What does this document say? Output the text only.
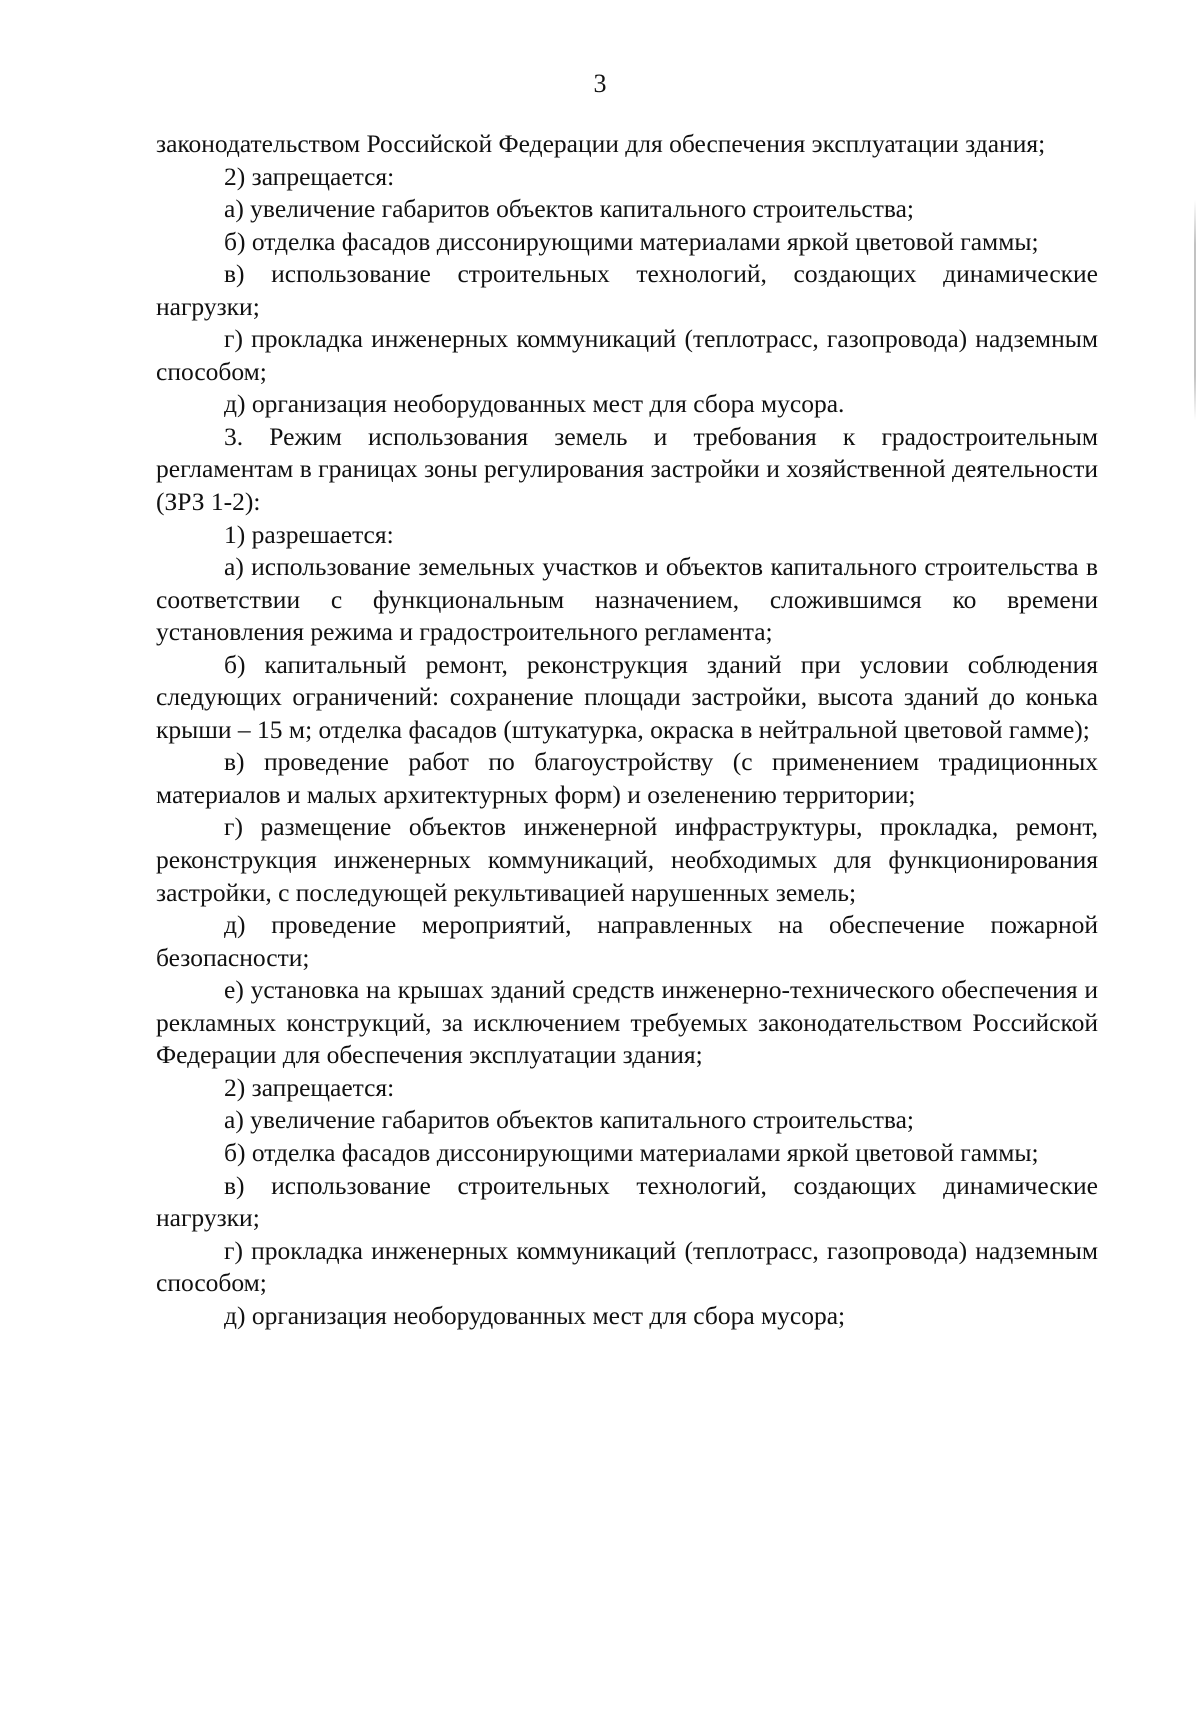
3

законодательством Российской Федерации для обеспечения эксплуатации здания;

2) запрещается:

а) увеличение габаритов объектов капитального строительства;

б) отделка фасадов диссонирующими материалами яркой цветовой гаммы;

в) использование строительных технологий, создающих динамические нагрузки;

г) прокладка инженерных коммуникаций (теплотрасс, газопровода) надземным способом;

д) организация необорудованных мест для сбора мусора.

3. Режим использования земель и требования к градостроительным регламентам в границах зоны регулирования застройки и хозяйственной деятельности (ЗРЗ 1-2):

1) разрешается:

а) использование земельных участков и объектов капитального строительства в соответствии с функциональным назначением, сложившимся ко времени установления режима и градостроительного регламента;

б) капитальный ремонт, реконструкция зданий при условии соблюдения следующих ограничений: сохранение площади застройки, высота зданий до конька крыши – 15 м; отделка фасадов (штукатурка, окраска в нейтральной цветовой гамме);

в) проведение работ по благоустройству (с применением традиционных материалов и малых архитектурных форм) и озеленению территории;

г) размещение объектов инженерной инфраструктуры, прокладка, ремонт, реконструкция инженерных коммуникаций, необходимых для функционирования застройки, с последующей рекультивацией нарушенных земель;

д) проведение мероприятий, направленных на обеспечение пожарной безопасности;

е) установка на крышах зданий средств инженерно-технического обеспечения и рекламных конструкций, за исключением требуемых законодательством Российской Федерации для обеспечения эксплуатации здания;

2) запрещается:

а) увеличение габаритов объектов капитального строительства;

б) отделка фасадов диссонирующими материалами яркой цветовой гаммы;

в) использование строительных технологий, создающих динамические нагрузки;

г) прокладка инженерных коммуникаций (теплотрасс, газопровода) надземным способом;

д) организация необорудованных мест для сбора мусора;
